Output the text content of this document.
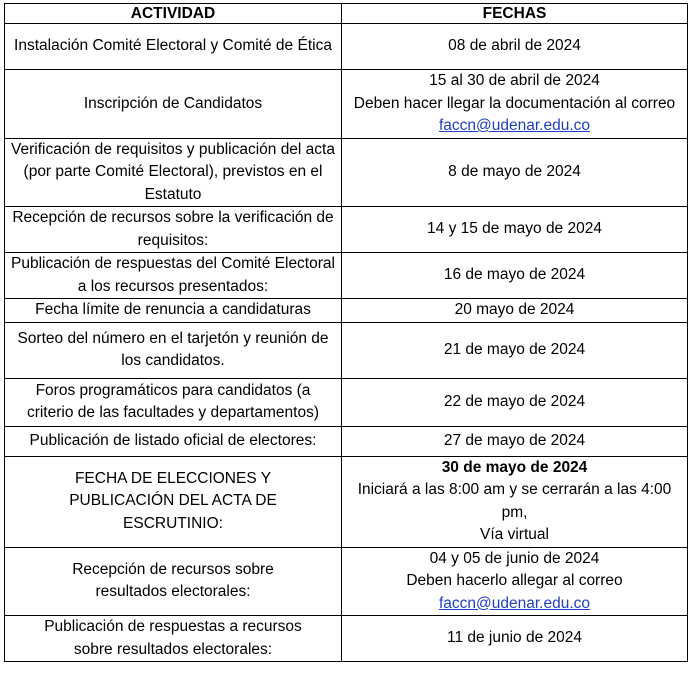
ACTIVIDAD	FECHAS
Instalación Comité Electoral y Comité de Ética	08 de abril de 2024
Inscripción de Candidatos	15 al 30 de abril de 2024
Deben hacer llegar la documentación al correo faccn@udenar.edu.co
Verificación de requisitos y publicación del acta (por parte Comité Electoral), previstos en el Estatuto	8 de mayo de 2024
Recepción de recursos sobre la verificación de requisitos:	14 y 15 de mayo de 2024
Publicación de respuestas del Comité Electoral a los recursos presentados:	16 de mayo de 2024
Fecha límite de renuncia a candidaturas	20 mayo de 2024
Sorteo del número en el tarjetón y reunión de los candidatos.	21 de mayo de 2024
Foros programáticos para candidatos (a criterio de las facultades y departamentos)	22 de mayo de 2024
Publicación de listado oficial de electores:	27 de mayo de 2024
FECHA DE ELECCIONES Y PUBLICACIÓN DEL ACTA DE ESCRUTINIO:	30 de mayo de 2024
Iniciará a las 8:00 am y se cerrarán a las 4:00 pm,
Vía virtual

Recepción de recursos sobre resultados electorales:	04 y 05 de junio de 2024
Deben hacerlo allegar al correo
faccn@udenar.edu.co

Publicación de respuestas a recursos sobre resultados electorales:	11 de junio de 2024
